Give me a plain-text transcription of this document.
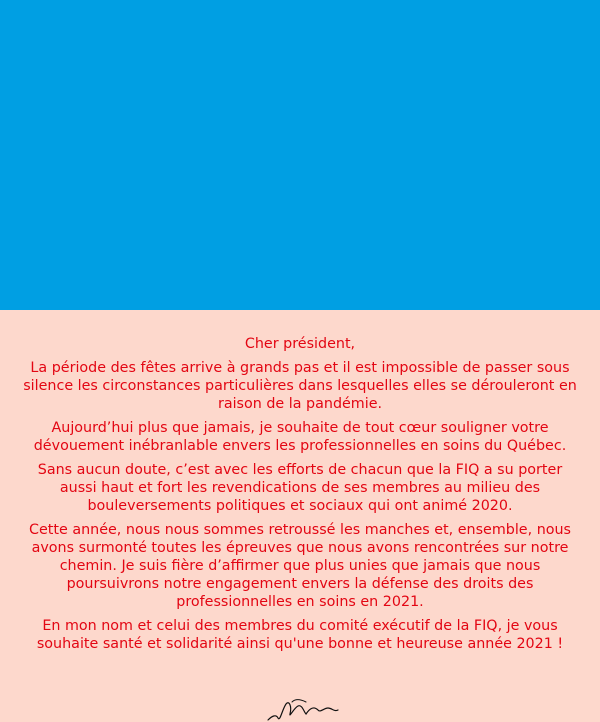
Cher président,

La période des fêtes arrive à grands pas et il est impossible de passer sous silence les circonstances particulières dans lesquelles elles se dérouleront en raison de la pandémie.

Aujourd’hui plus que jamais, je souhaite de tout cœur souligner votre dévouement inébranlable envers les professionnelles en soins du Québec.

Sans aucun doute, c’est avec les efforts de chacun que la FIQ a su porter aussi haut et fort les revendications de ses membres au milieu des bouleversements politiques et sociaux qui ont animé 2020.

Cette année, nous nous sommes retroussé les manches et, ensemble, nous avons surmonté toutes les épreuves que nous avons rencontrées sur notre chemin. Je suis fière d’affirmer que plus unies que jamais que nous poursuivrons notre engagement envers la défense des droits des professionnelles en soins en 2021.

En mon nom et celui des membres du comité exécutif de la FIQ, je vous souhaite santé et solidarité ainsi qu'une bonne et heureuse année 2021 !
